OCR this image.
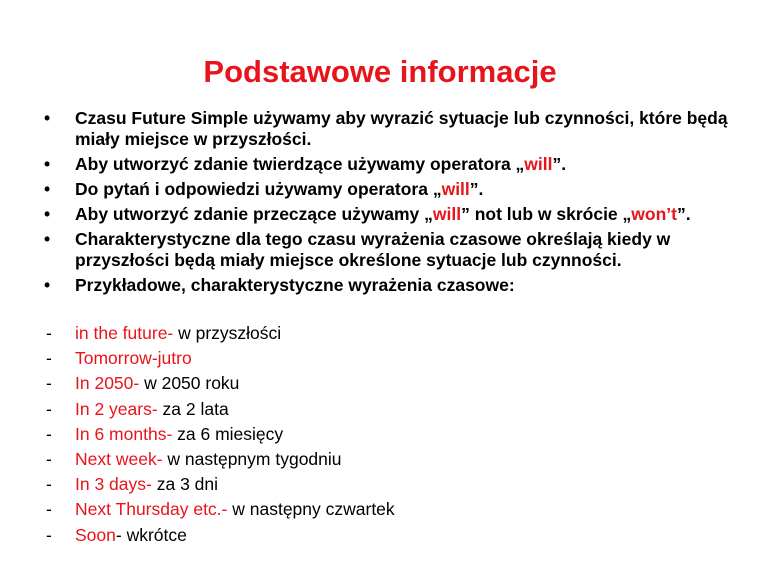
Podstawowe informacje
• Czasu Future Simple używamy aby wyrazić sytuacje lub czynności, które będą miały miejsce w przyszłości.
• Aby utworzyć zdanie twierdzące używamy operatora „will”.
• Do pytań i odpowiedzi używamy operatora „will”.
• Aby utworzyć zdanie przeczące używamy „will” not lub w skrócie „won’t”.
• Charakterystyczne dla tego czasu wyrażenia czasowe określają kiedy w przyszłości będą miały miejsce określone sytuacje lub czynności.
• Przykładowe, charakterystyczne wyrażenia czasowe:
- in the future- w przyszłości
- Tomorrow-jutro
- In 2050- w 2050 roku
- In 2 years- za 2 lata
- In 6 months- za 6 miesięcy
- Next week- w następnym tygodniu
- In 3 days- za 3 dni
- Next Thursday etc.- w następny czwartek
- Soon- wkrótce
